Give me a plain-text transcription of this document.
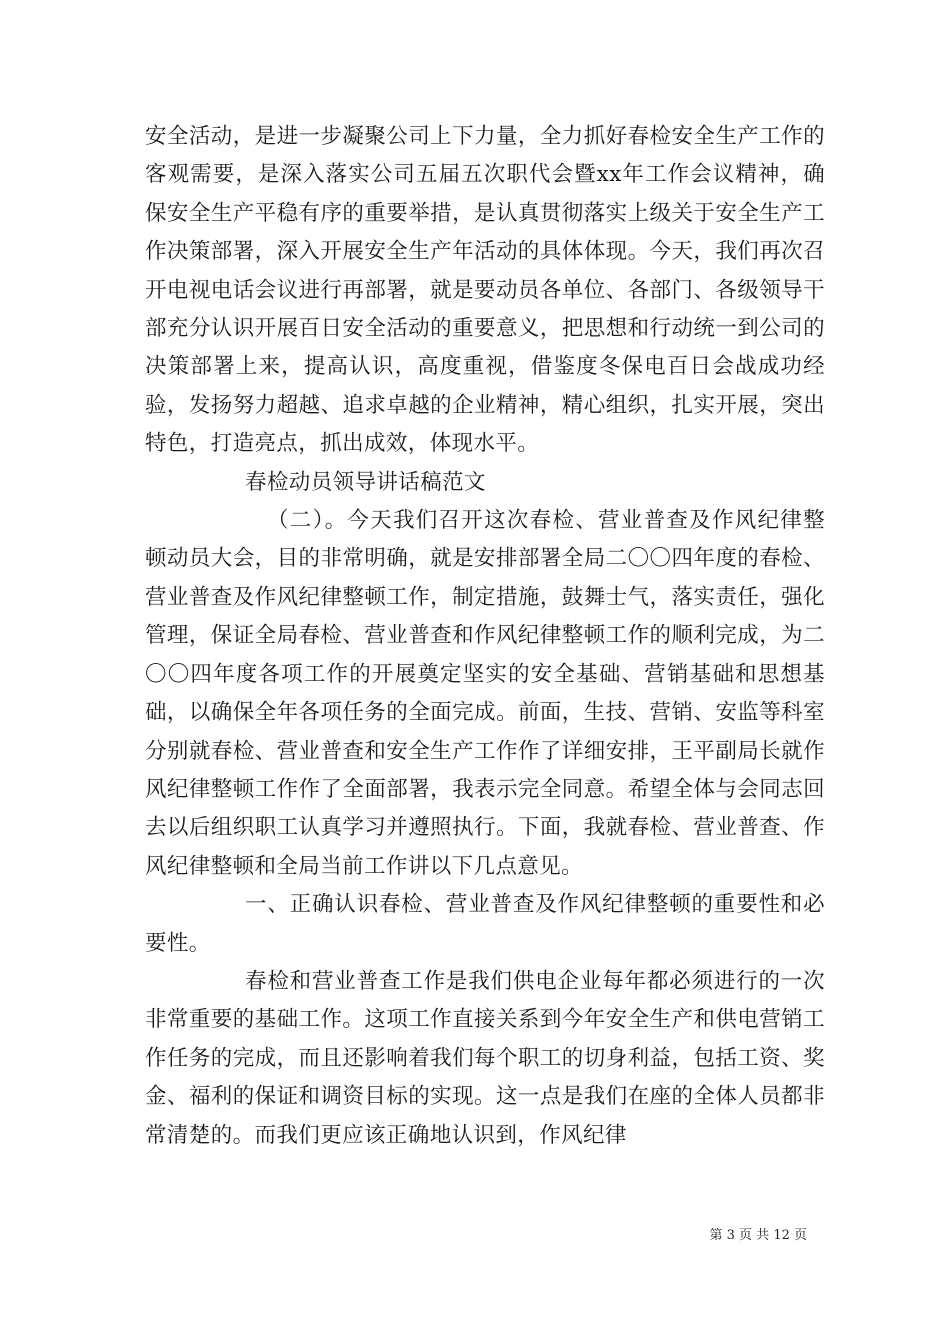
安全活动，是进一步凝聚公司上下力量，全力抓好春检安全生产工作的客观需要，是深入落实公司五届五次职代会暨xx年工作会议精神，确保安全生产平稳有序的重要举措，是认真贯彻落实上级关于安全生产工作决策部署，深入开展安全生产年活动的具体体现。今天，我们再次召开电视电话会议进行再部署，就是要动员各单位、各部门、各级领导干部充分认识开展百日安全活动的重要意义，把思想和行动统一到公司的决策部署上来，提高认识，高度重视，借鉴度冬保电百日会战成功经验，发扬努力超越、追求卓越的企业精神，精心组织，扎实开展，突出特色，打造亮点，抓出成效，体现水平。

春检动员领导讲话稿范文

（二）。今天我们召开这次春检、营业普查及作风纪律整顿动员大会，目的非常明确，就是安排部署全局二〇〇四年度的春检、营业普查及作风纪律整顿工作，制定措施，鼓舞士气，落实责任，强化管理，保证全局春检、营业普查和作风纪律整顿工作的顺利完成，为二〇〇四年度各项工作的开展奠定坚实的安全基础、营销基础和思想基础，以确保全年各项任务的全面完成。前面，生技、营销、安监等科室分别就春检、营业普查和安全生产工作作了详细安排，王平副局长就作风纪律整顿工作作了全面部署，我表示完全同意。希望全体与会同志回去以后组织职工认真学习并遵照执行。下面，我就春检、营业普查、作风纪律整顿和全局当前工作讲以下几点意见。

一、正确认识春检、营业普查及作风纪律整顿的重要性和必要性。

春检和营业普查工作是我们供电企业每年都必须进行的一次非常重要的基础工作。这项工作直接关系到今年安全生产和供电营销工作任务的完成，而且还影响着我们每个职工的切身利益，包括工资、奖金、福利的保证和调资目标的实现。这一点是我们在座的全体人员都非常清楚的。而我们更应该正确地认识到，作风纪律

第 3 页 共 12 页
